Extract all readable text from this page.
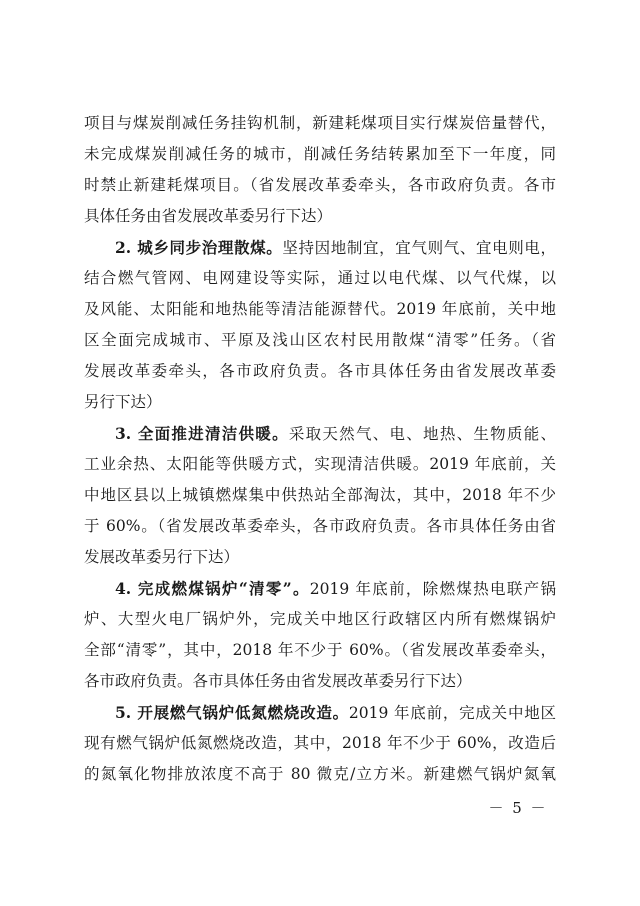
项目与煤炭削减任务挂钩机制，新建耗煤项目实行煤炭倍量替代，
未完成煤炭削减任务的城市，削减任务结转累加至下一年度，同
时禁止新建耗煤项目。（省发展改革委牵头，各市政府负责。各市
具体任务由省发展改革委另行下达）
2. 城乡同步治理散煤。坚持因地制宜，宜气则气、宜电则电，
结合燃气管网、电网建设等实际，通过以电代煤、以气代煤，以
及风能、太阳能和地热能等清洁能源替代。2019 年底前，关中地
区全面完成城市、平原及浅山区农村民用散煤“清零”任务。（省
发展改革委牵头，各市政府负责。各市具体任务由省发展改革委
另行下达）
3. 全面推进清洁供暖。采取天然气、电、地热、生物质能、
工业余热、太阳能等供暖方式，实现清洁供暖。2019 年底前，关
中地区县以上城镇燃煤集中供热站全部淘汰，其中，2018 年不少
于 60%。（省发展改革委牵头，各市政府负责。各市具体任务由省
发展改革委另行下达）
4. 完成燃煤锅炉“清零”。2019 年底前，除燃煤热电联产锅
炉、大型火电厂锅炉外，完成关中地区行政辖区内所有燃煤锅炉
全部“清零”，其中，2018 年不少于 60%。（省发展改革委牵头，
各市政府负责。各市具体任务由省发展改革委另行下达）
5. 开展燃气锅炉低氮燃烧改造。2019 年底前，完成关中地区
现有燃气锅炉低氮燃烧改造，其中，2018 年不少于 60%，改造后
的氮氧化物排放浓度不高于 80 微克/立方米。新建燃气锅炉氮氧
－ 5 －
